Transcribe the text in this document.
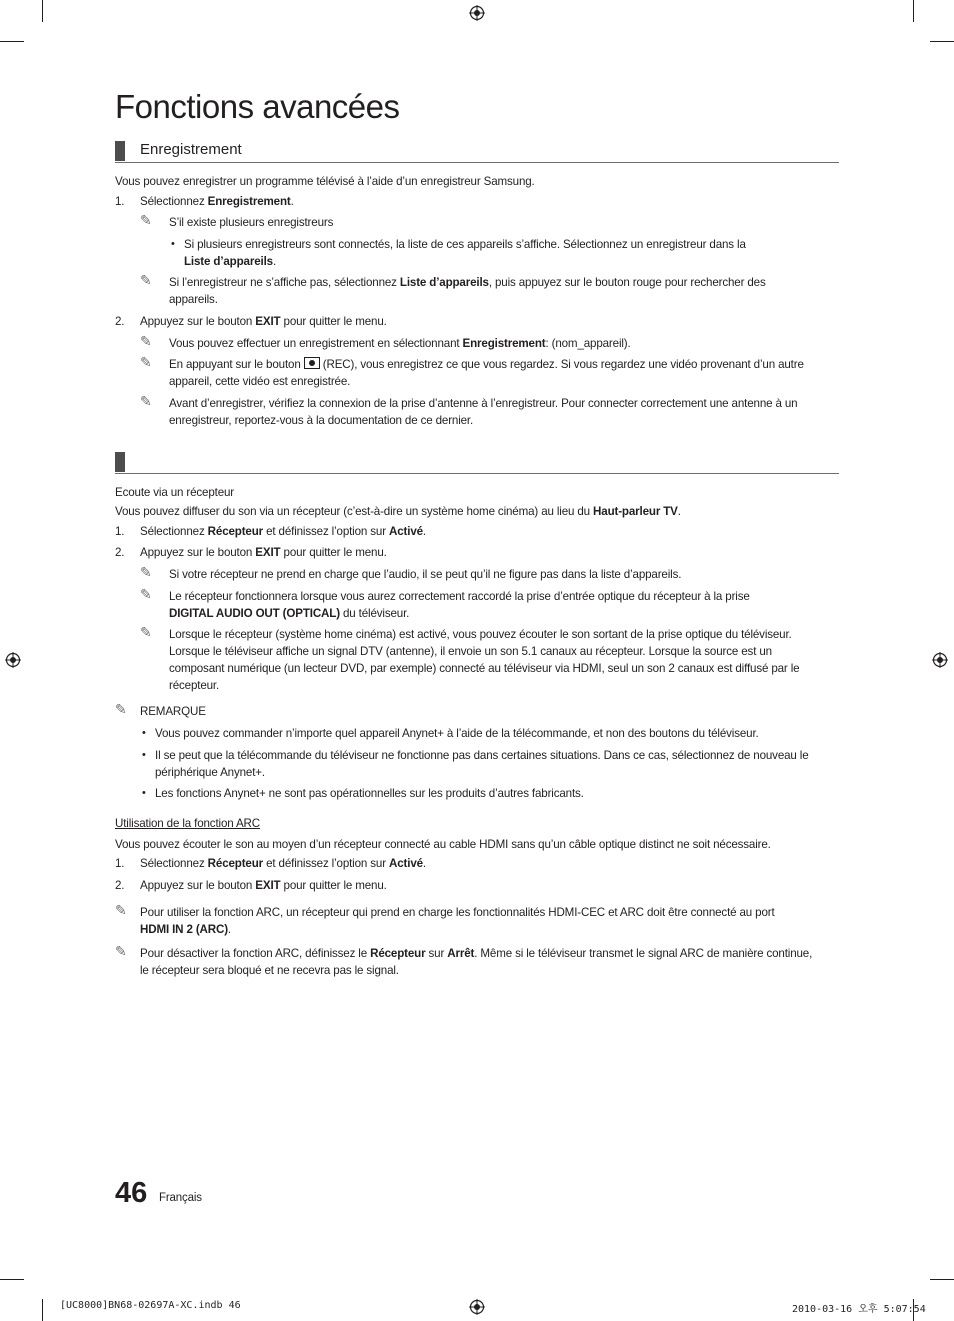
Fonctions avancées
Enregistrement
Vous pouvez enregistrer un programme télévisé à l’aide d’un enregistreur Samsung.
1. Sélectionnez Enregistrement.
✎ S’il existe plusieurs enregistreurs
• Si plusieurs enregistreurs sont connectés, la liste de ces appareils s’affiche. Sélectionnez un enregistreur dans la
Liste d’appareils.
✎ Si l’enregistreur ne s’affiche pas, sélectionnez Liste d’appareils, puis appuyez sur le bouton rouge pour rechercher des
appareils.
2. Appuyez sur le bouton EXIT pour quitter le menu.
✎ Vous pouvez effectuer un enregistrement en sélectionnant Enregistrement: (nom_appareil).
✎ En appuyant sur le bouton  (REC), vous enregistrez ce que vous regardez. Si vous regardez une vidéo provenant d’un autre
appareil, cette vidéo est enregistrée.
✎ Avant d’enregistrer, vérifiez la connexion de la prise d’antenne à l’enregistreur. Pour connecter correctement une antenne à un
enregistreur, reportez-vous à la documentation de ce dernier.
Ecoute via un récepteur
Vous pouvez diffuser du son via un récepteur (c’est-à-dire un système home cinéma) au lieu du Haut-parleur TV.
1. Sélectionnez Récepteur et définissez l’option sur Activé.
2. Appuyez sur le bouton EXIT pour quitter le menu.
✎ Si votre récepteur ne prend en charge que l’audio, il se peut qu’il ne figure pas dans la liste d’appareils.
✎ Le récepteur fonctionnera lorsque vous aurez correctement raccordé la prise d’entrée optique du récepteur à la prise
DIGITAL AUDIO OUT (OPTICAL) du téléviseur.
✎ Lorsque le récepteur (système home cinéma) est activé, vous pouvez écouter le son sortant de la prise optique du téléviseur.
Lorsque le téléviseur affiche un signal DTV (antenne), il envoie un son 5.1 canaux au récepteur. Lorsque la source est un
composant numérique (un lecteur DVD, par exemple) connecté au téléviseur via HDMI, seul un son 2 canaux est diffusé par le
récepteur.
✎ REMARQUE
• Vous pouvez commander n’importe quel appareil Anynet+ à l’aide de la télécommande, et non des boutons du téléviseur.
• Il se peut que la télécommande du téléviseur ne fonctionne pas dans certaines situations. Dans ce cas, sélectionnez de nouveau le
périphérique Anynet+.
• Les fonctions Anynet+ ne sont pas opérationnelles sur les produits d’autres fabricants.
Utilisation de la fonction ARC
Vous pouvez écouter le son au moyen d’un récepteur connecté au cable HDMI sans qu’un câble optique distinct ne soit nécessaire.
1. Sélectionnez Récepteur et définissez l’option sur Activé.
2. Appuyez sur le bouton EXIT pour quitter le menu.
✎ Pour utiliser la fonction ARC, un récepteur qui prend en charge les fonctionnalités HDMI-CEC et ARC doit être connecté au port
HDMI IN 2 (ARC).
✎ Pour désactiver la fonction ARC, définissez le Récepteur sur Arrêt. Même si le téléviseur transmet le signal ARC de manière continue,
le récepteur sera bloqué et ne recevra pas le signal.
46 Français
[UC8000]BN68-02697A-XC.indb 46	2010-03-16 오후 5:07:54
